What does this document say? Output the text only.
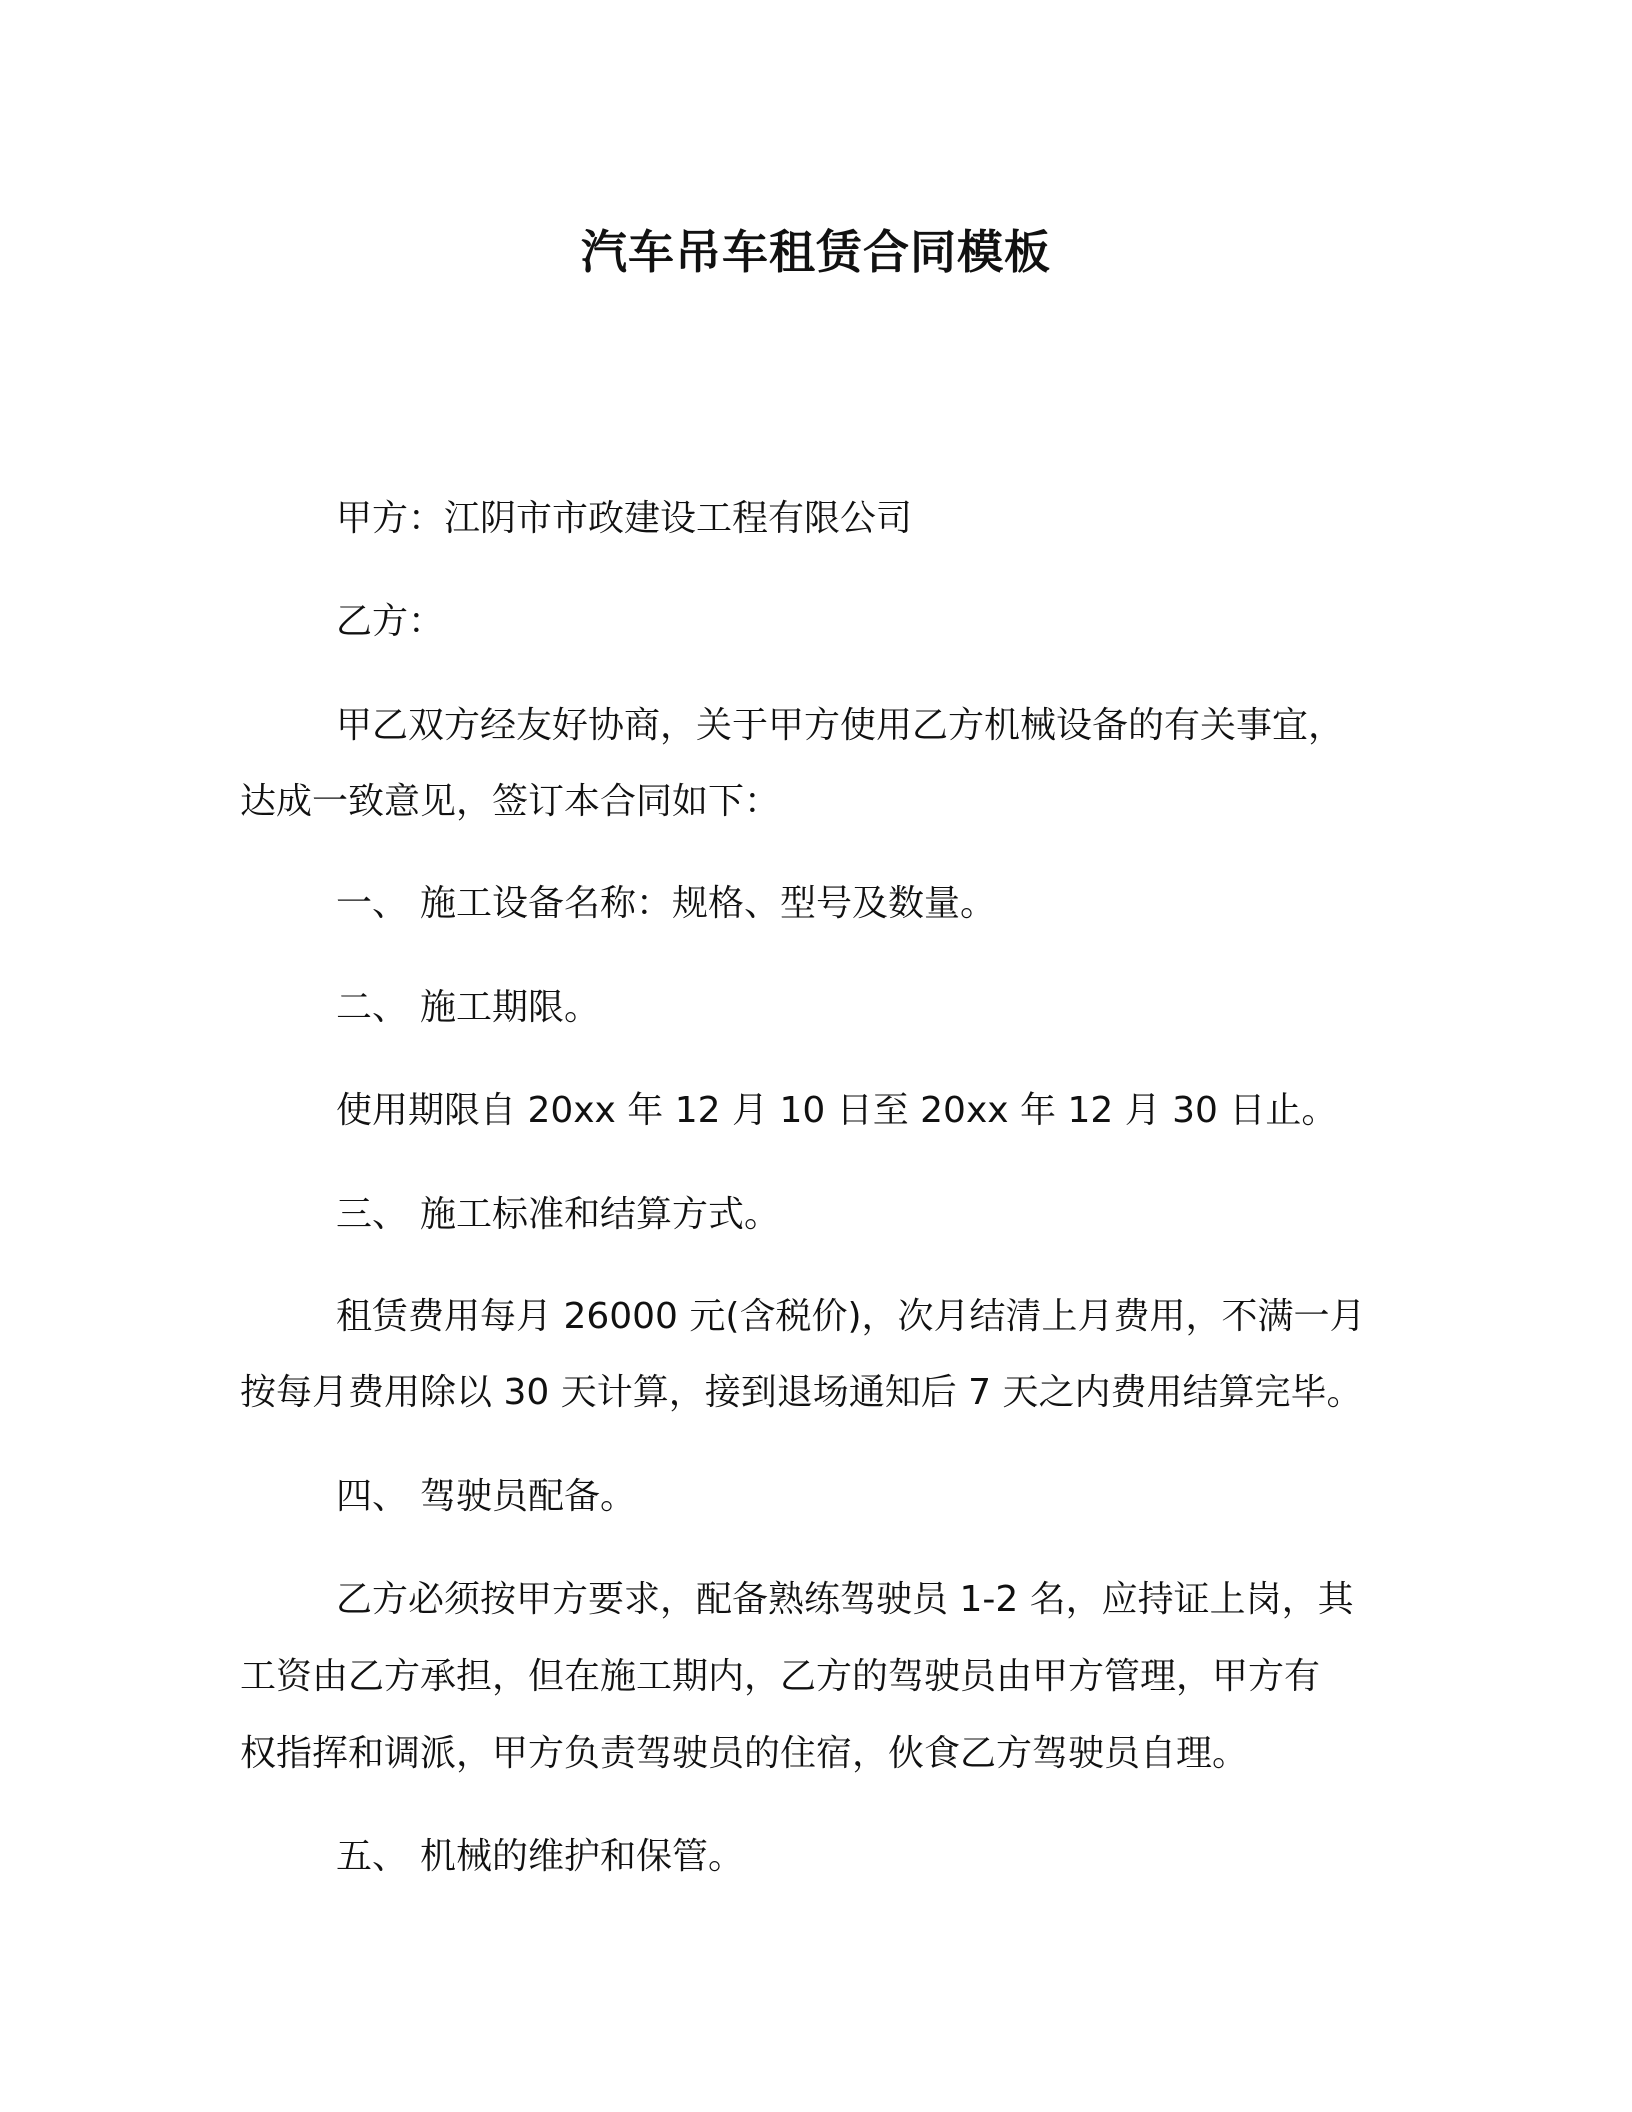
汽车吊车租赁合同模板
甲方：江阴市市政建设工程有限公司
乙方：
甲乙双方经友好协商，关于甲方使用乙方机械设备的有关事宜，
达成一致意见，签订本合同如下：
一、 施工设备名称：规格、型号及数量。
二、 施工期限。
使用期限自 20xx 年 12 月 10 日至 20xx 年 12 月 30 日止。
三、 施工标准和结算方式。
租赁费用每月 26000 元(含税价)，次月结清上月费用，不满一月
按每月费用除以 30 天计算，接到退场通知后 7 天之内费用结算完毕。
四、 驾驶员配备。
乙方必须按甲方要求，配备熟练驾驶员 1-2 名，应持证上岗，其
工资由乙方承担，但在施工期内，乙方的驾驶员由甲方管理，甲方有
权指挥和调派，甲方负责驾驶员的住宿，伙食乙方驾驶员自理。
五、 机械的维护和保管。
